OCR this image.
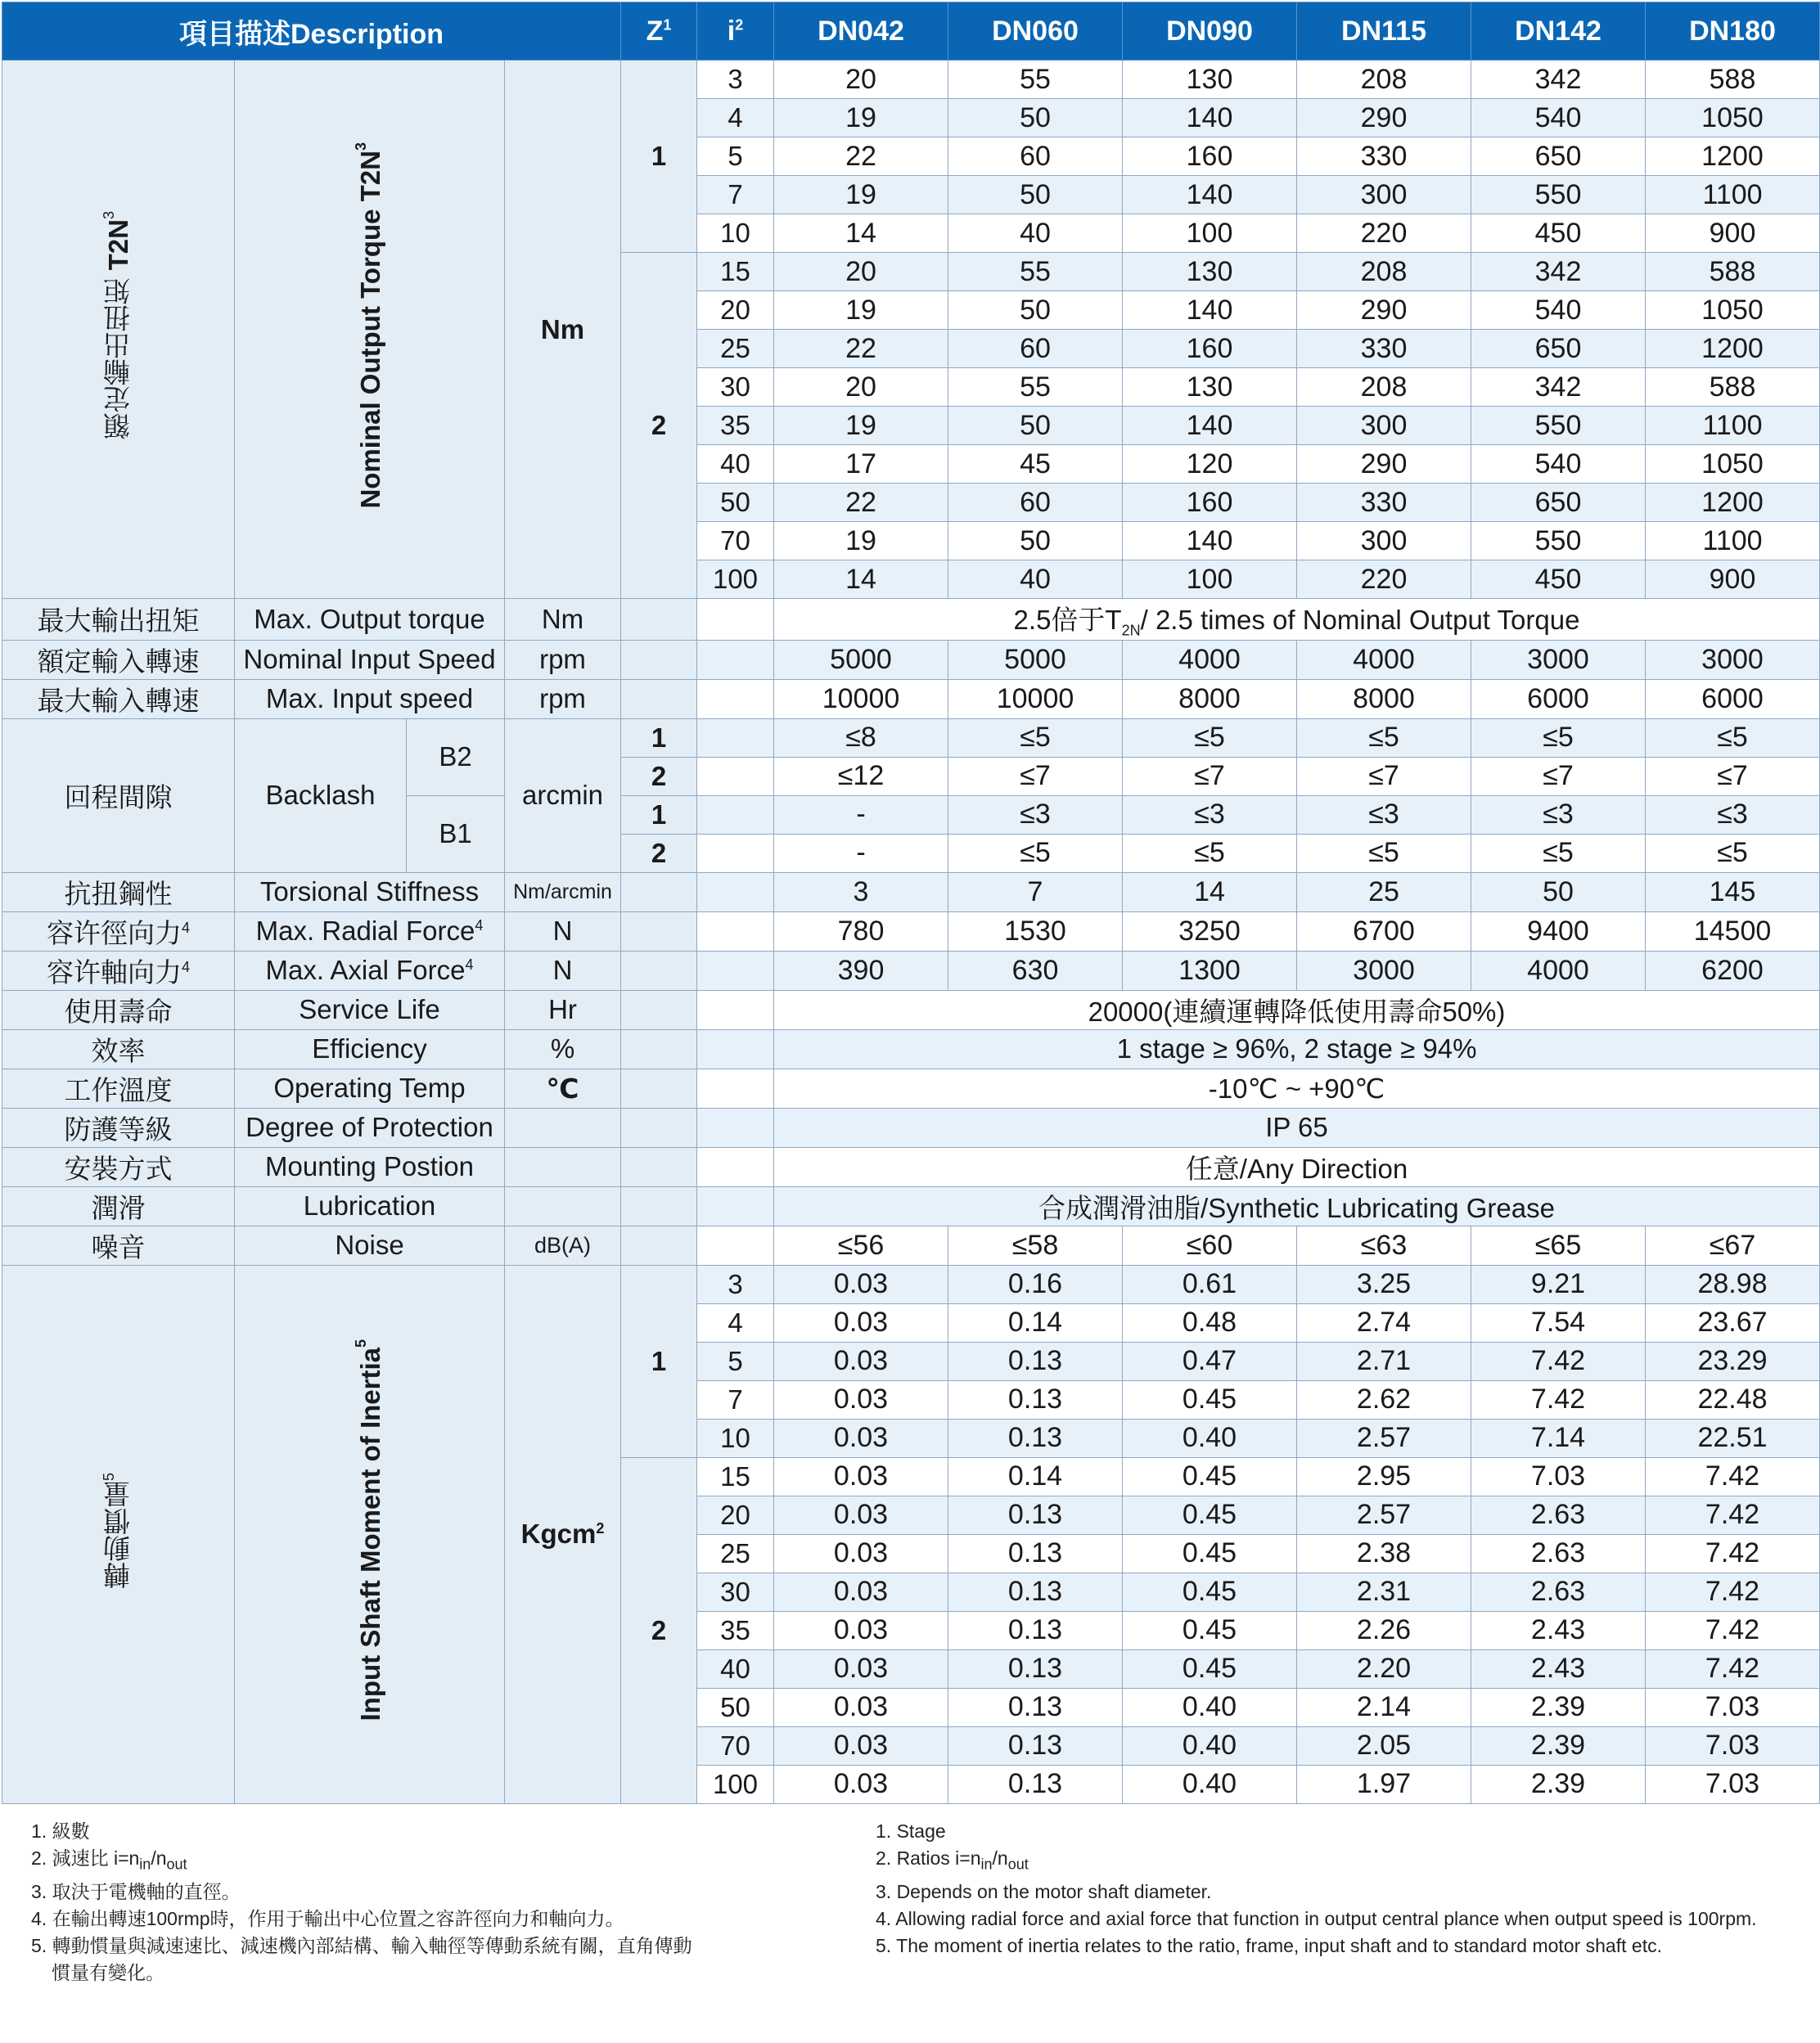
項目描述Description				$Z^1$	$i^2$	DN042	DN060	DN090	DN115	DN142	DN180
額定輸出扭矩 $T2N^3$	Nominal Output Torque $T2N^3$		Nm	1	3	20	55	130	208	342	588
					4	19	50	140	290	540	1050
					5	22	60	160	330	650	1200
					7	19	50	140	300	550	1100
					10	14	40	100	220	450	900
				2	15	20	55	130	208	342	588
					20	19	50	140	290	540	1050
					25	22	60	160	330	650	1200
					30	20	55	130	208	342	588
					35	19	50	140	300	550	1100
					40	17	45	120	290	540	1050
					50	22	60	160	330	650	1200
					70	19	50	140	300	550	1100
					100	14	40	100	220	450	900
最大輸出扭矩	Max. Output torque		Nm			2.5倍于$T_{2N}/$ 2.5 times of Nominal Output Torque					
額定輸入轉速	Nominal Input Speed		rpm			5000	5000	4000	4000	3000	3000
最大輸入轉速	Max. Input speed		rpm			10000	10000	8000	8000	6000	6000
回程間隙	Backlash	B2	arcmin	1		≤8	≤5	≤5	≤5	≤5	≤5
				2		≤12	≤7	≤7	≤7	≤7	≤7
		B1		1		-	≤3	≤3	≤3	≤3	≤3
				2		-	≤5	≤5	≤5	≤5	≤5
抗扭鋼性	Torsional Stiffness		Nm/arcmin			3	7	14	25	50	145
容许徑向力$^4$	Max. Radial Force$^4$		N			780	1530	3250	6700	9400	14500
容许軸向力$^4$	Max. Axial Force$^4$		N			390	630	1300	3000	4000	6200
使用壽命	Service Life		Hr			20000(連續運轉降低使用壽命50%)					
效率	Efficiency		%			1 stage ≥ 96%, 2 stage ≥ 94%					
工作溫度	Operating Temp		℃			-10℃ ~ +90℃					
防護等級	Degree of Protection					IP 65					
安裝方式	Mounting Postion					任意/Any Direction					
潤滑	Lubrication					合成潤滑油脂/Synthetic Lubricating Grease					
噪音	Noise		dB(A)			≤56	≤58	≤60	≤63	≤65	≤67
轉動慣量$^5$	Input Shaft Moment of Inertia$^5$		Kgcm$^2$	1	3	0.03	0.16	0.61	3.25	9.21	28.98
					4	0.03	0.14	0.48	2.74	7.54	23.67
					5	0.03	0.13	0.47	2.71	7.42	23.29
					7	0.03	0.13	0.45	2.62	7.42	22.48
					10	0.03	0.13	0.40	2.57	7.14	22.51
				2	15	0.03	0.14	0.45	2.95	7.03	7.42
					20	0.03	0.13	0.45	2.57	2.63	7.42
					25	0.03	0.13	0.45	2.38	2.63	7.42
					30	0.03	0.13	0.45	2.31	2.63	7.42
					35	0.03	0.13	0.45	2.26	2.43	7.42
					40	0.03	0.13	0.45	2.20	2.43	7.42
					50	0.03	0.13	0.40	2.14	2.39	7.03
					70	0.03	0.13	0.40	2.05	2.39	7.03
					100	0.03	0.13	0.40	1.97	2.39	7.03
1. 級數
2. 減速比 $i=n_{in}/n_{out}$
3. 取決于電機軸的直徑。
4. 在輸出轉速100rmp時，作用于輸出中心位置之容許徑向力和軸向力。
5. 轉動慣量與減速速比、減速機內部結構、輸入軸徑等傳動系統有關，直角傳動
慣量有變化。
1. Stage
2. Ratios $i=n_{in}/n_{out}$
3. Depends on the motor shaft diameter.
4. Allowing radial force and axial force that function in output central plance when output speed is 100rpm.
5. The moment of inertia relates to the ratio, frame, input shaft and to standard motor shaft etc.
